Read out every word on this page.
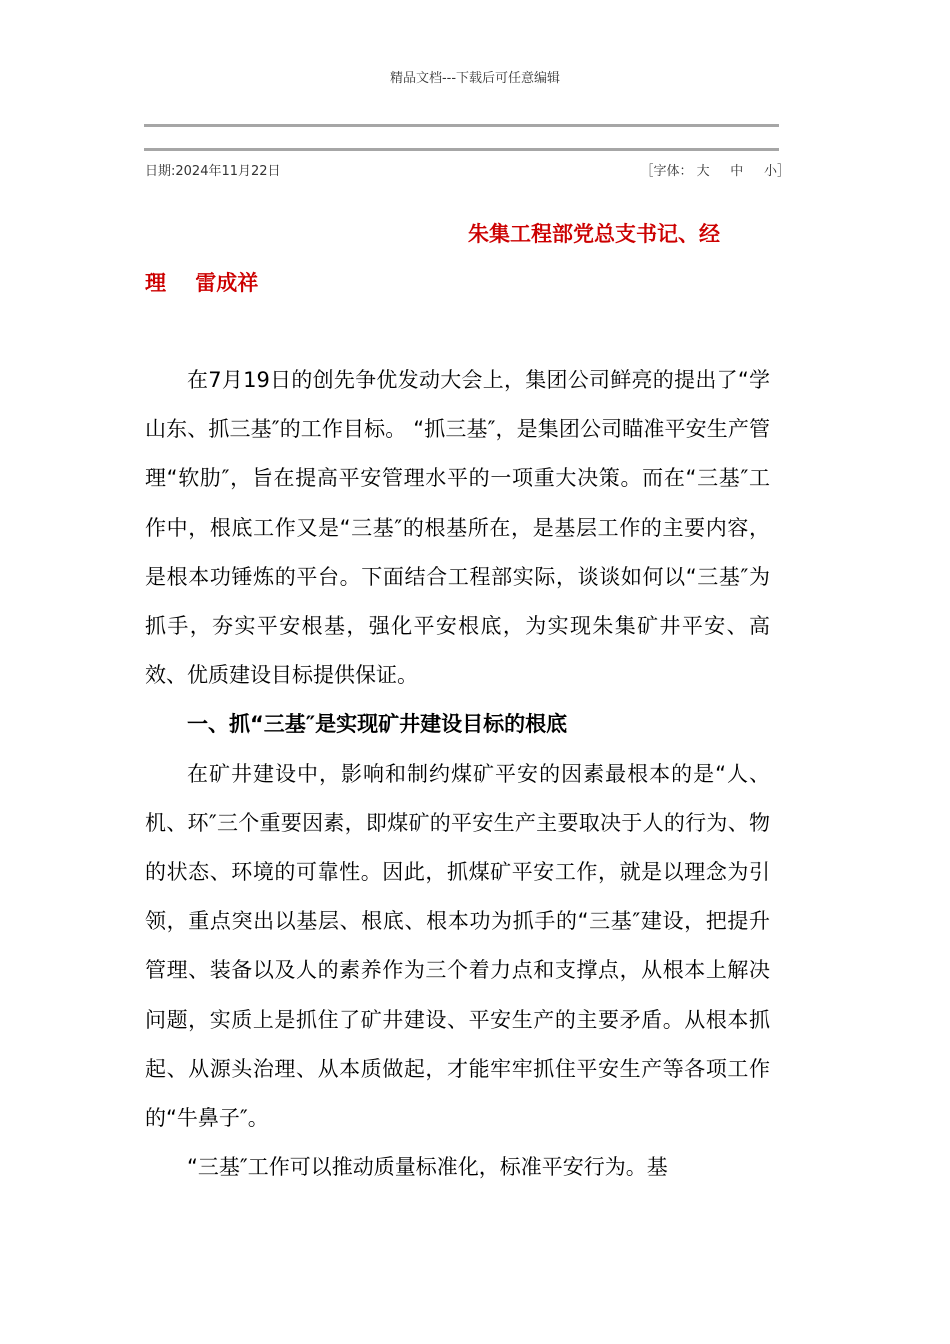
精品文档---下载后可任意编辑
日期:2024年11月22日	［字体： 大 中 小］
朱集工程部党总支书记、经
理    雷成祥

在7月19日的创先争优发动大会上，集团公司鲜亮的提出了“学山东、抓三基″的工作目标。 “抓三基″，是集团公司瞄准平安生产管理“软肋″，旨在提高平安管理水平的一项重大决策。而在“三基″工作中，根底工作又是“三基″的根基所在，是基层工作的主要内容，是根本功锤炼的平台。下面结合工程部实际，谈谈如何以“三基″为抓手，夯实平安根基，强化平安根底，为实现朱集矿井平安、高效、优质建设目标提供保证。

一、抓“三基″是实现矿井建设目标的根底

在矿井建设中，影响和制约煤矿平安的因素最根本的是“人、机、环″三个重要因素，即煤矿的平安生产主要取决于人的行为、物的状态、环境的可靠性。因此，抓煤矿平安工作，就是以理念为引领，重点突出以基层、根底、根本功为抓手的“三基″建设，把提升管理、装备以及人的素养作为三个着力点和支撑点，从根本上解决问题，实质上是抓住了矿井建设、平安生产的主要矛盾。从根本抓起、从源头治理、从本质做起，才能牢牢抓住平安生产等各项工作的“牛鼻子″。

“三基″工作可以推动质量标准化，标准平安行为。基
